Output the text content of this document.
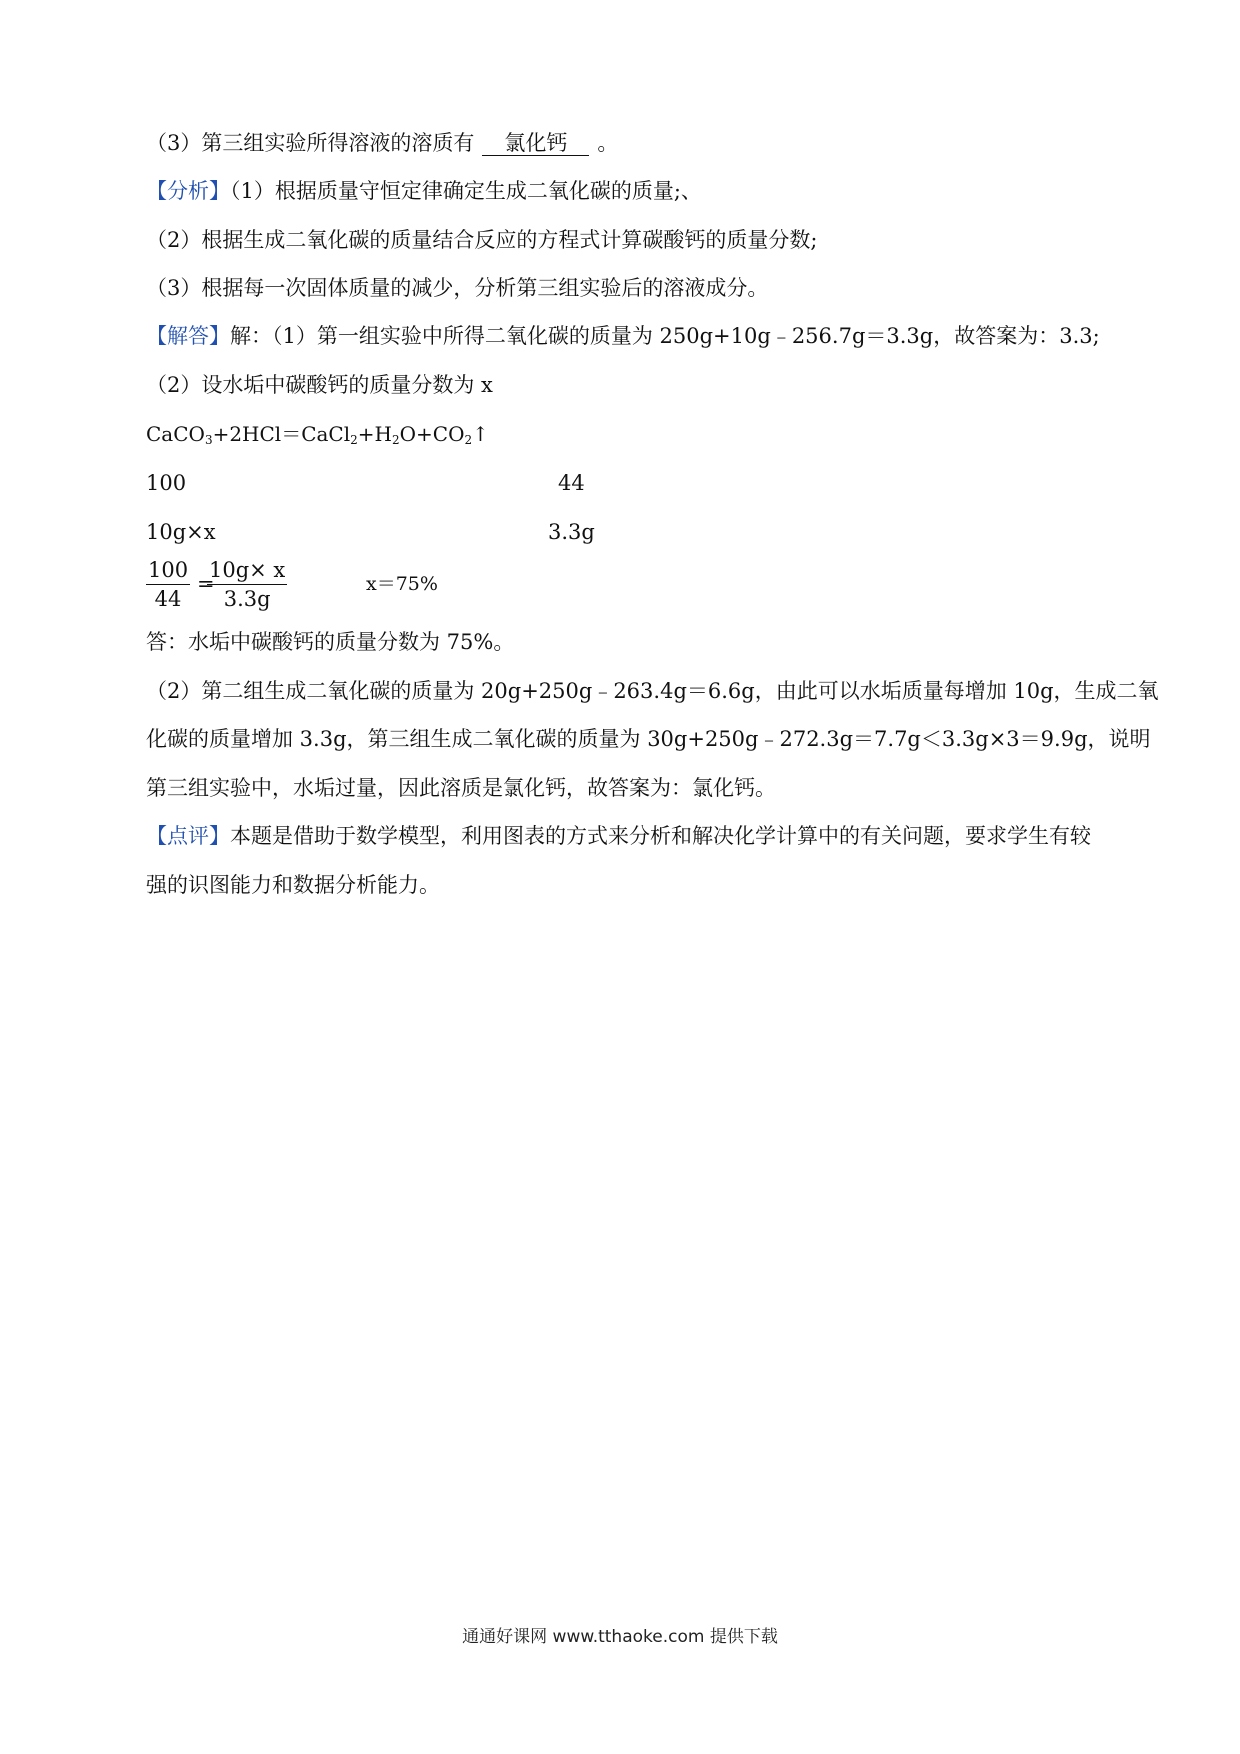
（3）第三组实验所得溶液的溶质有 氯化钙 。
【分析】（1）根据质量守恒定律确定生成二氧化碳的质量;、
（2）根据生成二氧化碳的质量结合反应的方程式计算碳酸钙的质量分数;
（3）根据每一次固体质量的减少，分析第三组实验后的溶液成分。
【解答】解：（1）第一组实验中所得二氧化碳的质量为 250g+10g﹣256.7g＝3.3g，故答案为：3.3;
（2）设水垢中碳酸钙的质量分数为 x
$CaCO_3+2HCl=CaCl_2+H_2O+CO_2↑$
100	44
10g×x	3.3g
100
44
=
10g× x
3.3g
x＝75%
答：水垢中碳酸钙的质量分数为 75%。
（2）第二组生成二氧化碳的质量为 20g+250g﹣263.4g＝6.6g，由此可以水垢质量每增加 10g，生成二氧
化碳的质量增加 3.3g，第三组生成二氧化碳的质量为 30g+250g﹣272.3g＝7.7g＜3.3g×3＝9.9g，说明
第三组实验中，水垢过量，因此溶质是氯化钙，故答案为：氯化钙。
【点评】本题是借助于数学模型，利用图表的方式来分析和解决化学计算中的有关问题，要求学生有较
强的识图能力和数据分析能力。
通通好课网 www.tthaoke.com 提供下载
